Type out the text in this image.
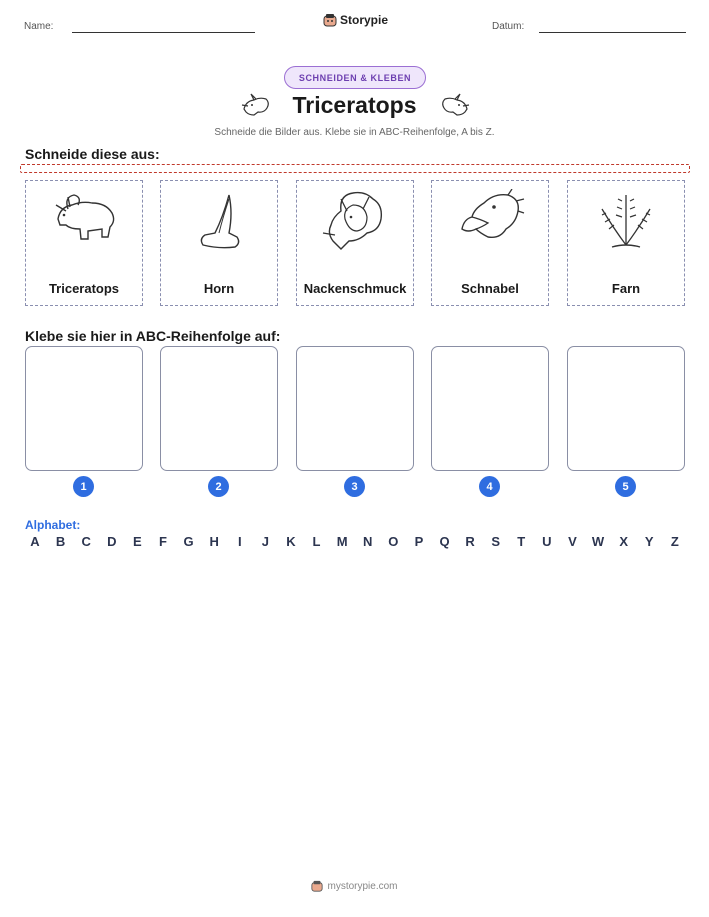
Name:	Storypie	Datum:
SCHNEIDEN & KLEBEN
Triceratops
Schneide die Bilder aus. Klebe sie in ABC-Reihenfolge, A bis Z.
Schneide diese aus:
Triceratops	Horn	Nackenschmuck	Schnabel	Farn
Klebe sie hier in ABC-Reihenfolge auf:
1	2	3	4	5
Alphabet:
A	B	C	D	E	F	G	H	I	J	K	L	M	N	O	P	Q	R	S	T	U	V	W	X	Y	Z
mystorypie.com
